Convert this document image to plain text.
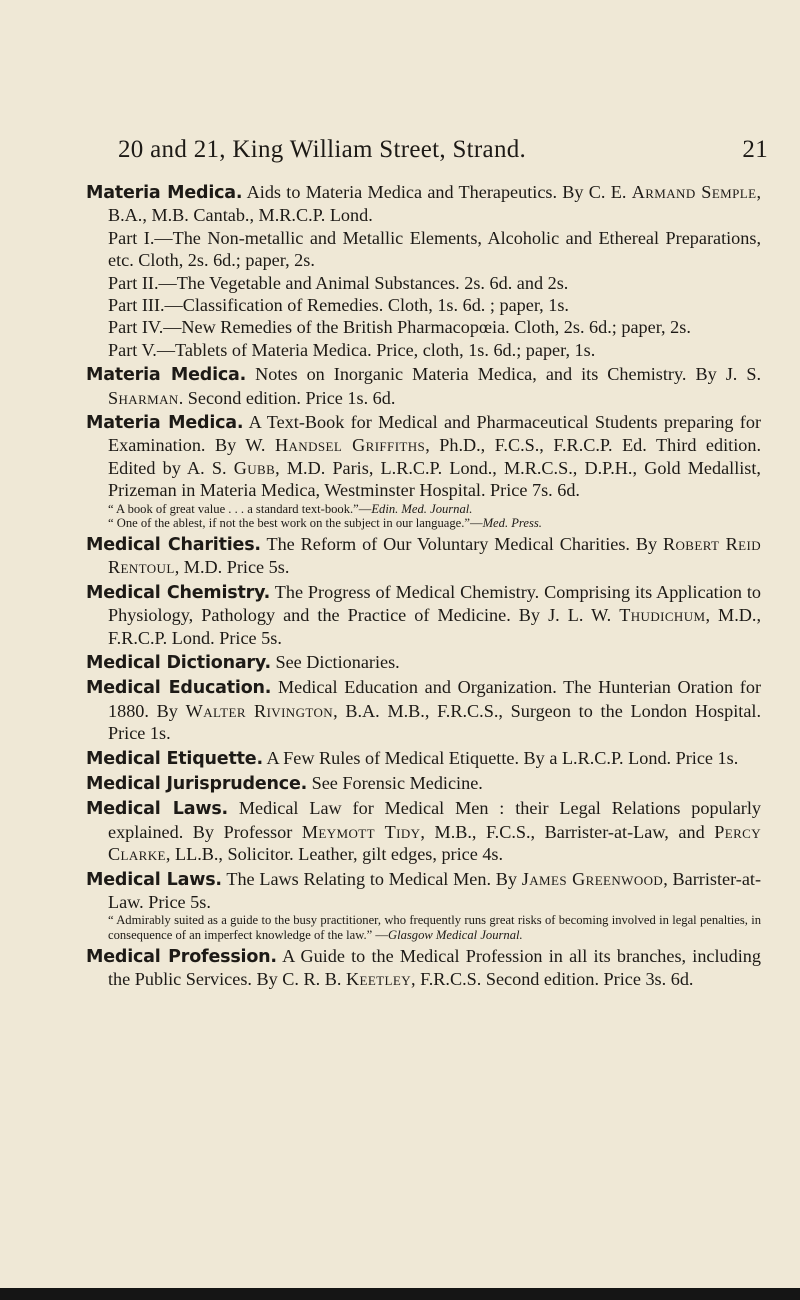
20 and 21, King William Street, Strand.	21

Materia Medica. Aids to Materia Medica and Therapeutics. By C. E. Armand Semple, B.A., M.B. Cantab., M.R.C.P. Lond.

Part I.—The Non-metallic and Metallic Elements, Alcoholic and Ethereal Preparations, etc. Cloth, 2s. 6d.; paper, 2s.

Part II.—The Vegetable and Animal Substances. 2s. 6d. and 2s.

Part III.—Classification of Remedies. Cloth, 1s. 6d. ; paper, 1s.

Part IV.—New Remedies of the British Pharmacopœia. Cloth, 2s. 6d.; paper, 2s.

Part V.—Tablets of Materia Medica. Price, cloth, 1s. 6d.; paper, 1s.

Materia Medica. Notes on Inorganic Materia Medica, and its Chemistry. By J. S. Sharman. Second edition. Price 1s. 6d.

Materia Medica. A Text-Book for Medical and Pharmaceutical Students preparing for Examination. By W. Handsel Griffiths, Ph.D., F.C.S., F.R.C.P. Ed. Third edition. Edited by A. S. Gubb, M.D. Paris, L.R.C.P. Lond., M.R.C.S., D.P.H., Gold Medallist, Prizeman in Materia Medica, Westminster Hospital. Price 7s. 6d.

“ A book of great value . . . a standard text-book.”—Edin. Med. Journal.

“ One of the ablest, if not the best work on the subject in our language.”—Med. Press.

Medical Charities. The Reform of Our Voluntary Medical Charities. By Robert Reid Rentoul, M.D. Price 5s.

Medical Chemistry. The Progress of Medical Chemistry. Comprising its Application to Physiology, Pathology and the Practice of Medicine. By J. L. W. Thudichum, M.D., F.R.C.P. Lond. Price 5s.

Medical Dictionary. See Dictionaries.

Medical Education. Medical Education and Organization. The Hunterian Oration for 1880. By Walter Rivington, B.A. M.B., F.R.C.S., Surgeon to the London Hospital. Price 1s.

Medical Etiquette. A Few Rules of Medical Etiquette. By a L.R.C.P. Lond. Price 1s.

Medical Jurisprudence. See Forensic Medicine.

Medical Laws. Medical Law for Medical Men : their Legal Relations popularly explained. By Professor Meymott Tidy, M.B., F.C.S., Barrister-at-Law, and Percy Clarke, LL.B., Solicitor. Leather, gilt edges, price 4s.

Medical Laws. The Laws Relating to Medical Men. By James Greenwood, Barrister-at-Law. Price 5s.

“ Admirably suited as a guide to the busy practitioner, who frequently runs great risks of becoming involved in legal penalties, in consequence of an imperfect knowledge of the law.” —Glasgow Medical Journal.

Medical Profession. A Guide to the Medical Profession in all its branches, including the Public Services. By C. R. B. Keetley, F.R.C.S. Second edition. Price 3s. 6d.
